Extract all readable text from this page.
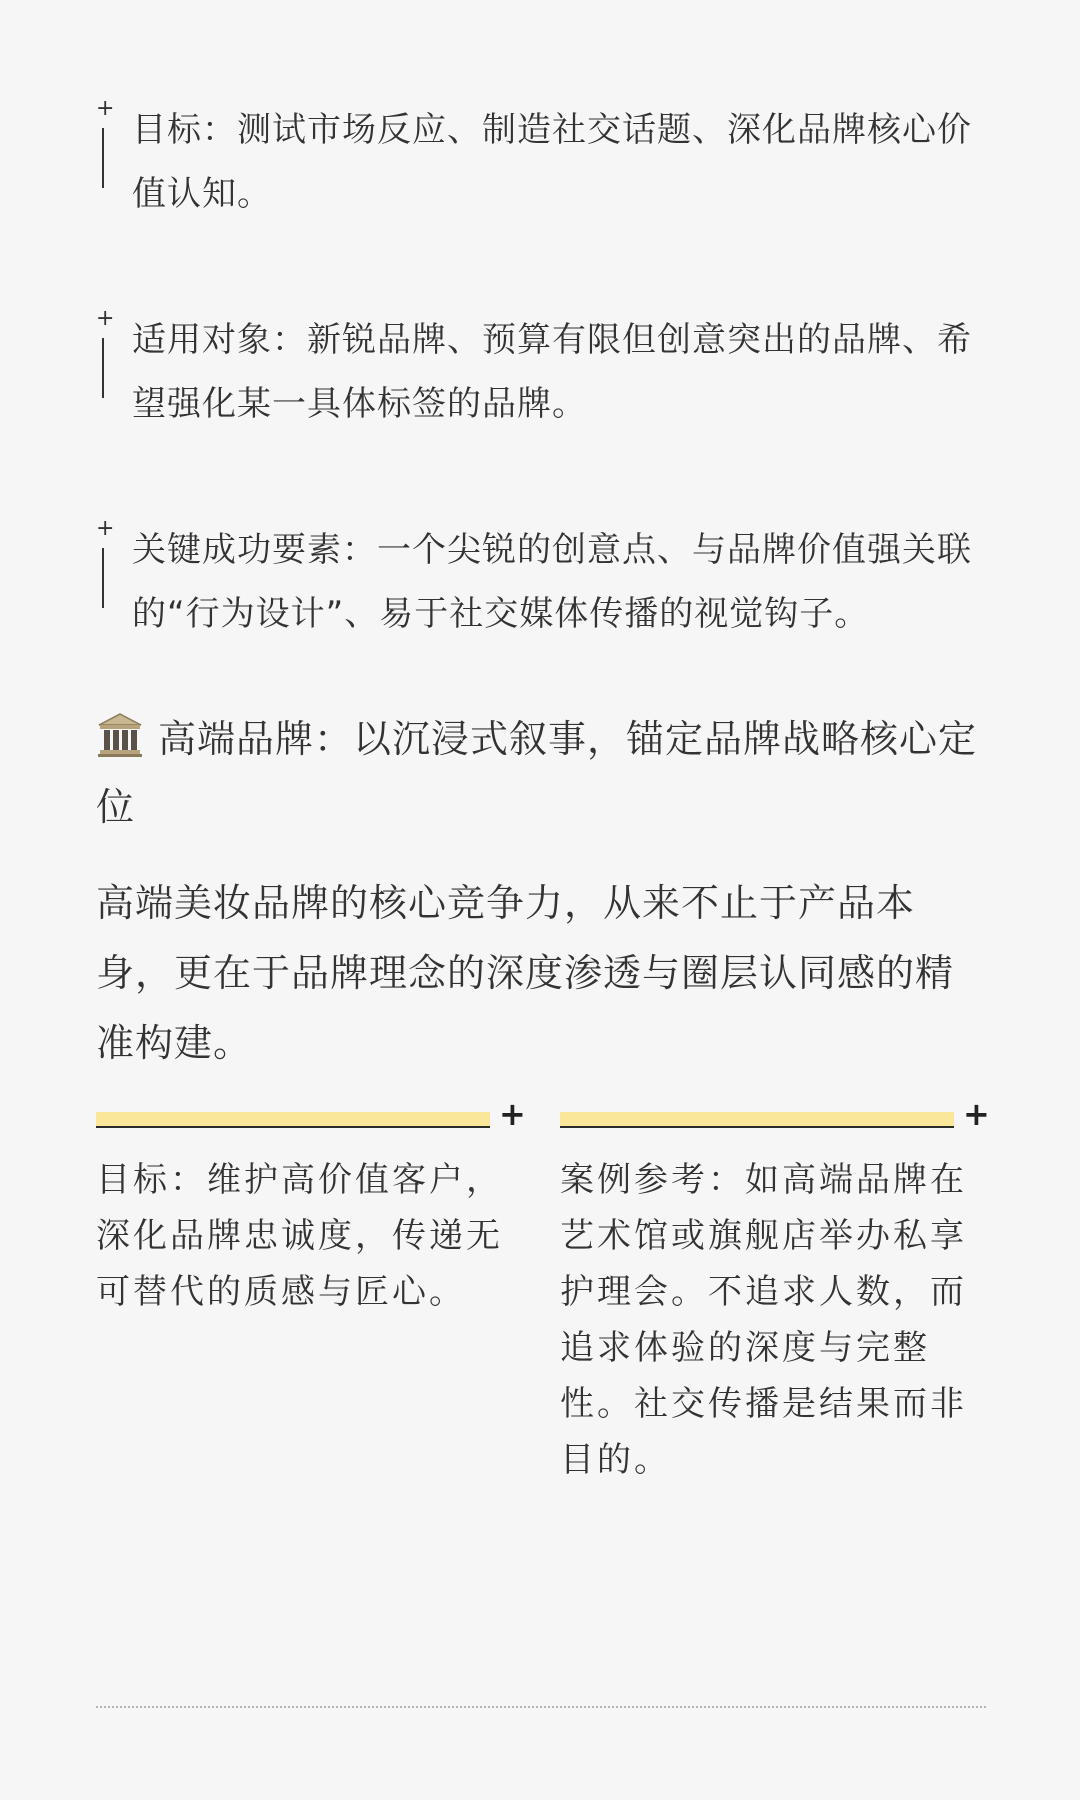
+
目标：测试市场反应、制造社交话题、深化品牌核心价值认知。
+
适用对象：新锐品牌、预算有限但创意突出的品牌、希望强化某一具体标签的品牌。
+
关键成功要素：一个尖锐的创意点、与品牌价值强关联的“行为设计”、易于社交媒体传播的视觉钩子。
高端品牌：以沉浸式叙事，锚定品牌战略核心定位
高端美妆品牌的核心竞争力，从来不止于产品本身，更在于品牌理念的深度渗透与圈层认同感的精准构建。
+
目标：维护高价值客户，深化品牌忠诚度，传递无可替代的质感与匠心。
+
案例参考：如高端品牌在艺术馆或旗舰店举办私享护理会。不追求人数，而追求体验的深度与完整性。社交传播是结果而非目的。
